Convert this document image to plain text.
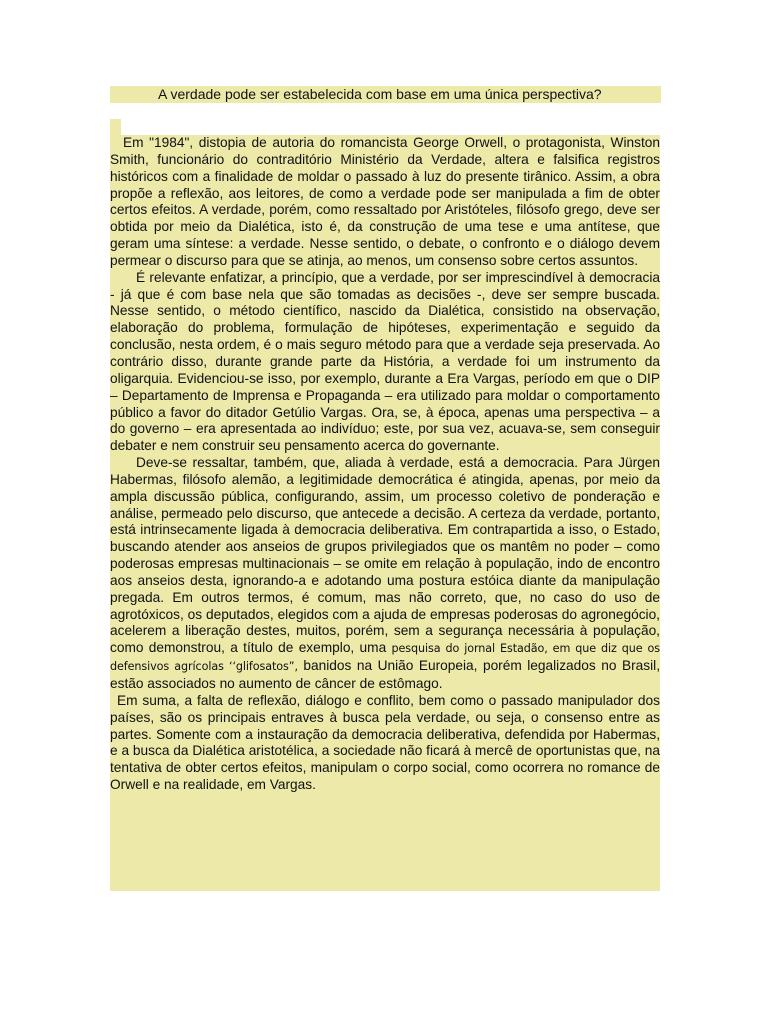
A verdade pode ser estabelecida com base em uma única perspectiva?

Em "1984", distopia de autoria do romancista George Orwell, o protagonista, Winston Smith, funcionário do contraditório Ministério da Verdade, altera e falsifica registros históricos com a finalidade de moldar o passado à luz do presente tirânico. Assim, a obra propõe a reflexão, aos leitores, de como a verdade pode ser manipulada a fim de obter certos efeitos. A verdade, porém, como ressaltado por Aristóteles, filósofo grego, deve ser obtida por meio da Dialética, isto é, da construção de uma tese e uma antítese, que geram uma síntese: a verdade. Nesse sentido, o debate, o confronto e o diálogo devem permear o discurso para que se atinja, ao menos, um consenso sobre certos assuntos.

É relevante enfatizar, a princípio, que a verdade, por ser imprescindível à democracia - já que é com base nela que são tomadas as decisões -, deve ser sempre buscada. Nesse sentido, o método científico, nascido da Dialética, consistido na observação, elaboração do problema, formulação de hipóteses, experimentação e seguido da conclusão, nesta ordem, é o mais seguro método para que a verdade seja preservada. Ao contrário disso, durante grande parte da História, a verdade foi um instrumento da oligarquia. Evidenciou-se isso, por exemplo, durante a Era Vargas, período em que o DIP – Departamento de Imprensa e Propaganda – era utilizado para moldar o comportamento público a favor do ditador Getúlio Vargas. Ora, se, à época, apenas uma perspectiva – a do governo – era apresentada ao indivíduo; este, por sua vez, acuava-se, sem conseguir debater e nem construir seu pensamento acerca do governante.

Deve-se ressaltar, também, que, aliada à verdade, está a democracia. Para Jürgen Habermas, filósofo alemão, a legitimidade democrática é atingida, apenas, por meio da ampla discussão pública, configurando, assim, um processo coletivo de ponderação e análise, permeado pelo discurso, que antecede a decisão. A certeza da verdade, portanto, está intrinsecamente ligada à democracia deliberativa. Em contrapartida a isso, o Estado, buscando atender aos anseios de grupos privilegiados que os mantêm no poder – como poderosas empresas multinacionais – se omite em relação à população, indo de encontro aos anseios desta, ignorando-a e adotando uma postura estóica diante da manipulação pregada. Em outros termos, é comum, mas não correto, que, no caso do uso de agrotóxicos, os deputados, elegidos com a ajuda de empresas poderosas do agronegócio, acelerem a liberação destes, muitos, porém, sem a segurança necessária à população, como demonstrou, a título de exemplo, uma pesquisa do jornal Estadão, em que diz que os defensivos agrícolas ‘‘glifosatos”, banidos na União Europeia, porém legalizados no Brasil, estão associados no aumento de câncer de estômago.

Em suma, a falta de reflexão, diálogo e conflito, bem como o passado manipulador dos países, são os principais entraves à busca pela verdade, ou seja, o consenso entre as partes. Somente com a instauração da democracia deliberativa, defendida por Habermas, e a busca da Dialética aristotélica, a sociedade não ficará à mercê de oportunistas que, na tentativa de obter certos efeitos, manipulam o corpo social, como ocorrera no romance de Orwell e na realidade, em Vargas.
